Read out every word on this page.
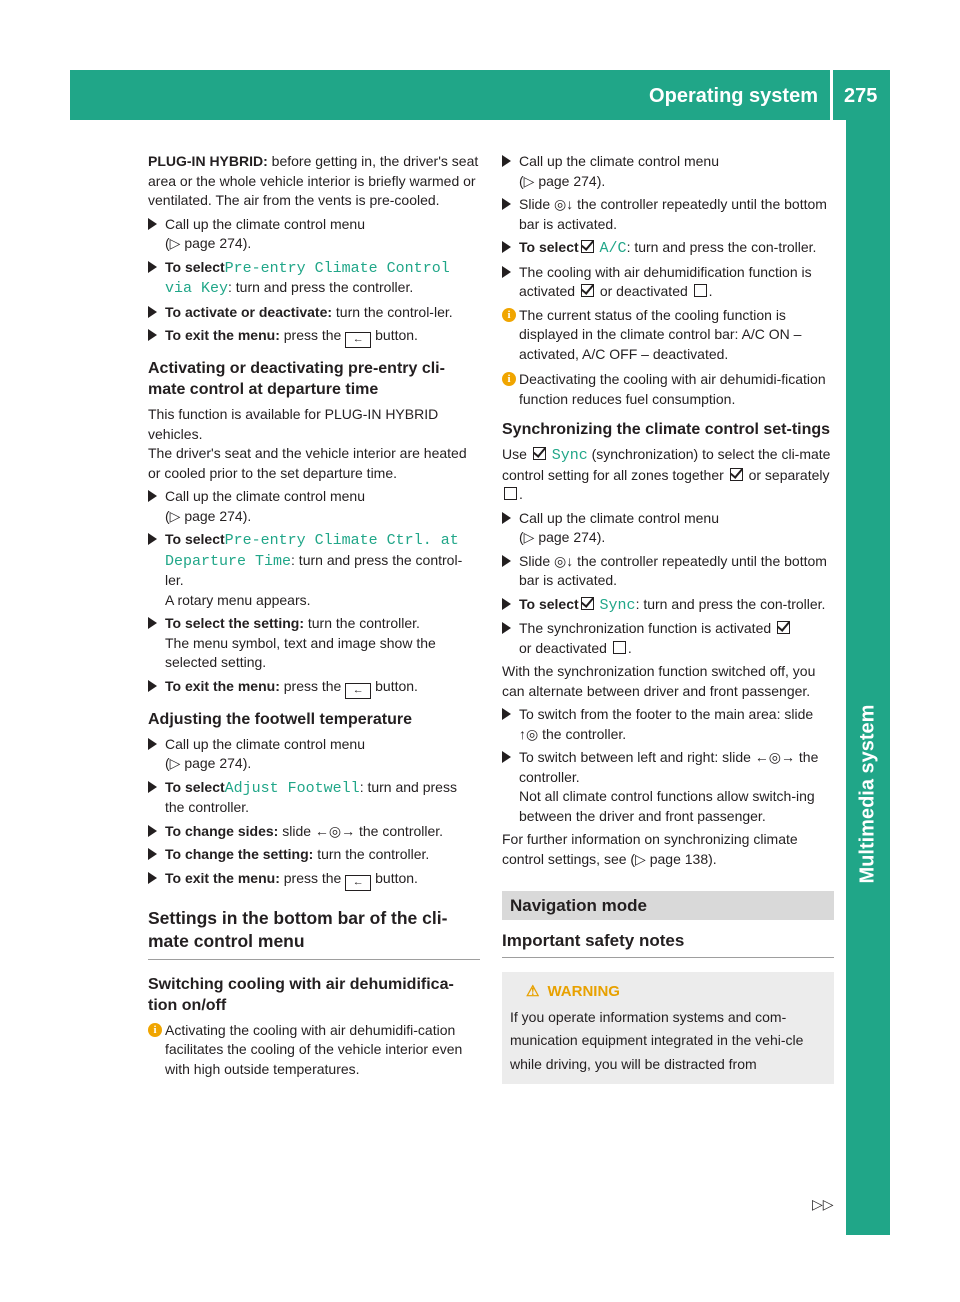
Operating system 275
Multimedia system

PLUG-IN HYBRID: before getting in, the driver's seat area or the whole vehicle interior is briefly warmed or ventilated. The air from the vents is pre-cooled.

Call up the climate control menu
(▷ page 274).
To selectPre-entry Climate Control
via Key: turn and press the controller.
To activate or deactivate: turn the control-ler.
To exit the menu: press the ← button.
Activating or deactivating pre-entry cli-mate control at departure time

This function is available for PLUG-IN HYBRID vehicles.

The driver's seat and the vehicle interior are heated or cooled prior to the set departure time.

Call up the climate control menu
(▷ page 274).
To selectPre-entry Climate Ctrl. at
Departure Time: turn and press the control-ler.
A rotary menu appears.
To select the setting: turn the controller.
The menu symbol, text and image show the selected setting.
To exit the menu: press the ← button.
Adjusting the footwell temperature
Call up the climate control menu
(▷ page 274).
To selectAdjust Footwell: turn and press the controller.
To change sides: slide ←◎→ the controller.
To change the setting: turn the controller.
To exit the menu: press the ← button.
Settings in the bottom bar of the cli-mate control menu
Switching cooling with air dehumidifica-tion on/off
i Activating the cooling with air dehumidifi-cation facilitates the cooling of the vehicle interior even with high outside temperatures.
Call up the climate control menu
(▷ page 274).
Slide ◎↓ the controller repeatedly until the bottom bar is activated.
To select A/C: turn and press the con-troller.
The cooling with air dehumidification function is activated  or deactivated .
i The current status of the cooling function is displayed in the climate control bar: A/C ON – activated, A/C OFF – deactivated.
i Deactivating the cooling with air dehumidi-fication function reduces fuel consumption.
Synchronizing the climate control set-tings

Use  Sync (synchronization) to select the cli-mate control setting for all zones together  or separately .

Call up the climate control menu
(▷ page 274).
Slide ◎↓ the controller repeatedly until the bottom bar is activated.
To select Sync: turn and press the con-troller.
The synchronization function is activated
or deactivated .

With the synchronization function switched off, you can alternate between driver and front passenger.

To switch from the footer to the main area: slide ↑◎ the controller.
To switch between left and right: slide ←◎→ the controller.
Not all climate control functions allow switch-ing between the driver and front passenger.

For further information on synchronizing climate control settings, see (▷ page 138).

Navigation mode
Important safety notes
⚠ WARNING
If you operate information systems and com-munication equipment integrated in the vehi-cle while driving, you will be distracted from
▷▷
